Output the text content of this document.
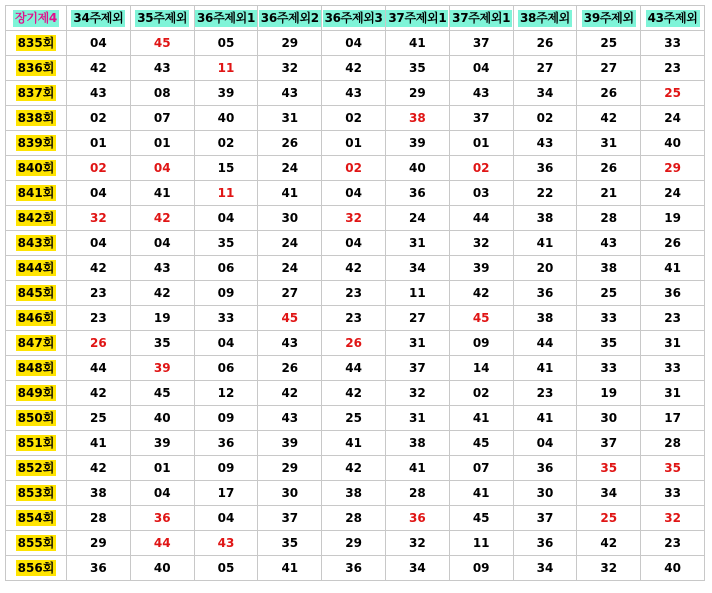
장기제4	34주제외	35주제외	36주제외1	36주제외2	36주제외3	37주제외1	37주제외1	38주제외	39주제외	43주제외
835회	04	45	05	29	04	41	37	26	25	33
836회	42	43	11	32	42	35	04	27	27	23
837회	43	08	39	43	43	29	43	34	26	25
838회	02	07	40	31	02	38	37	02	42	24
839회	01	01	02	26	01	39	01	43	31	40
840회	02	04	15	24	02	40	02	36	26	29
841회	04	41	11	41	04	36	03	22	21	24
842회	32	42	04	30	32	24	44	38	28	19
843회	04	04	35	24	04	31	32	41	43	26
844회	42	43	06	24	42	34	39	20	38	41
845회	23	42	09	27	23	11	42	36	25	36
846회	23	19	33	45	23	27	45	38	33	23
847회	26	35	04	43	26	31	09	44	35	31
848회	44	39	06	26	44	37	14	41	33	33
849회	42	45	12	42	42	32	02	23	19	31
850회	25	40	09	43	25	31	41	41	30	17
851회	41	39	36	39	41	38	45	04	37	28
852회	42	01	09	29	42	41	07	36	35	35
853회	38	04	17	30	38	28	41	30	34	33
854회	28	36	04	37	28	36	45	37	25	32
855회	29	44	43	35	29	32	11	36	42	23
856회	36	40	05	41	36	34	09	34	32	40
